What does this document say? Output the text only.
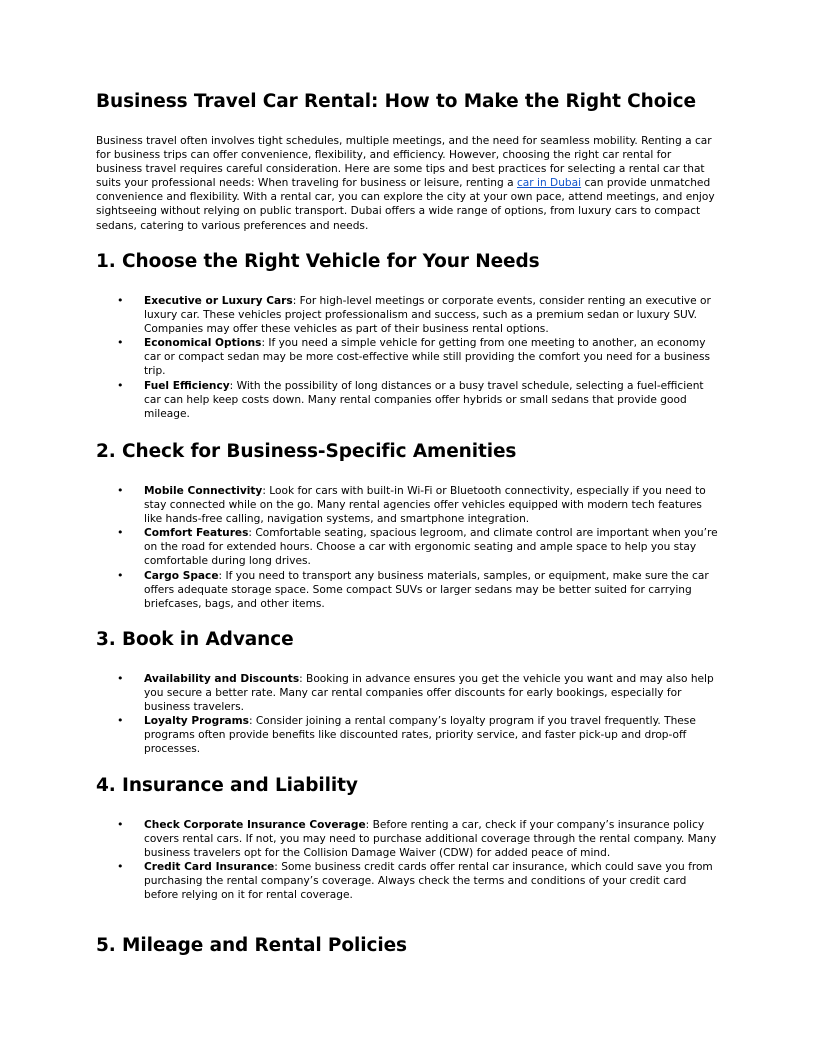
Business Travel Car Rental: How to Make the Right Choice

Business travel often involves tight schedules, multiple meetings, and the need for seamless mobility. Renting a car for business trips can offer convenience, flexibility, and efficiency. However, choosing the right car rental for business travel requires careful consideration. Here are some tips and best practices for selecting a rental car that suits your professional needs: When traveling for business or leisure, renting a car in Dubai can provide unmatched convenience and flexibility. With a rental car, you can explore the city at your own pace, attend meetings, and enjoy sightseeing without relying on public transport. Dubai offers a wide range of options, from luxury cars to compact sedans, catering to various preferences and needs.

1. Choose the Right Vehicle for Your Needs
• Executive or Luxury Cars: For high-level meetings or corporate events, consider renting an executive or luxury car. These vehicles project professionalism and success, such as a premium sedan or luxury SUV. Companies may offer these vehicles as part of their business rental options.
• Economical Options: If you need a simple vehicle for getting from one meeting to another, an economy car or compact sedan may be more cost-effective while still providing the comfort you need for a business trip.
• Fuel Efficiency: With the possibility of long distances or a busy travel schedule, selecting a fuel-efficient car can help keep costs down. Many rental companies offer hybrids or small sedans that provide good mileage.
2. Check for Business-Specific Amenities
• Mobile Connectivity: Look for cars with built-in Wi-Fi or Bluetooth connectivity, especially if you need to stay connected while on the go. Many rental agencies offer vehicles equipped with modern tech features like hands-free calling, navigation systems, and smartphone integration.
• Comfort Features: Comfortable seating, spacious legroom, and climate control are important when you’re on the road for extended hours. Choose a car with ergonomic seating and ample space to help you stay comfortable during long drives.
• Cargo Space: If you need to transport any business materials, samples, or equipment, make sure the car offers adequate storage space. Some compact SUVs or larger sedans may be better suited for carrying briefcases, bags, and other items.
3. Book in Advance
• Availability and Discounts: Booking in advance ensures you get the vehicle you want and may also help you secure a better rate. Many car rental companies offer discounts for early bookings, especially for business travelers.
• Loyalty Programs: Consider joining a rental company’s loyalty program if you travel frequently. These programs often provide benefits like discounted rates, priority service, and faster pick-up and drop-off processes.
4. Insurance and Liability
• Check Corporate Insurance Coverage: Before renting a car, check if your company’s insurance policy covers rental cars. If not, you may need to purchase additional coverage through the rental company. Many business travelers opt for the Collision Damage Waiver (CDW) for added peace of mind.
• Credit Card Insurance: Some business credit cards offer rental car insurance, which could save you from purchasing the rental company’s coverage. Always check the terms and conditions of your credit card before relying on it for rental coverage.
5. Mileage and Rental Policies
